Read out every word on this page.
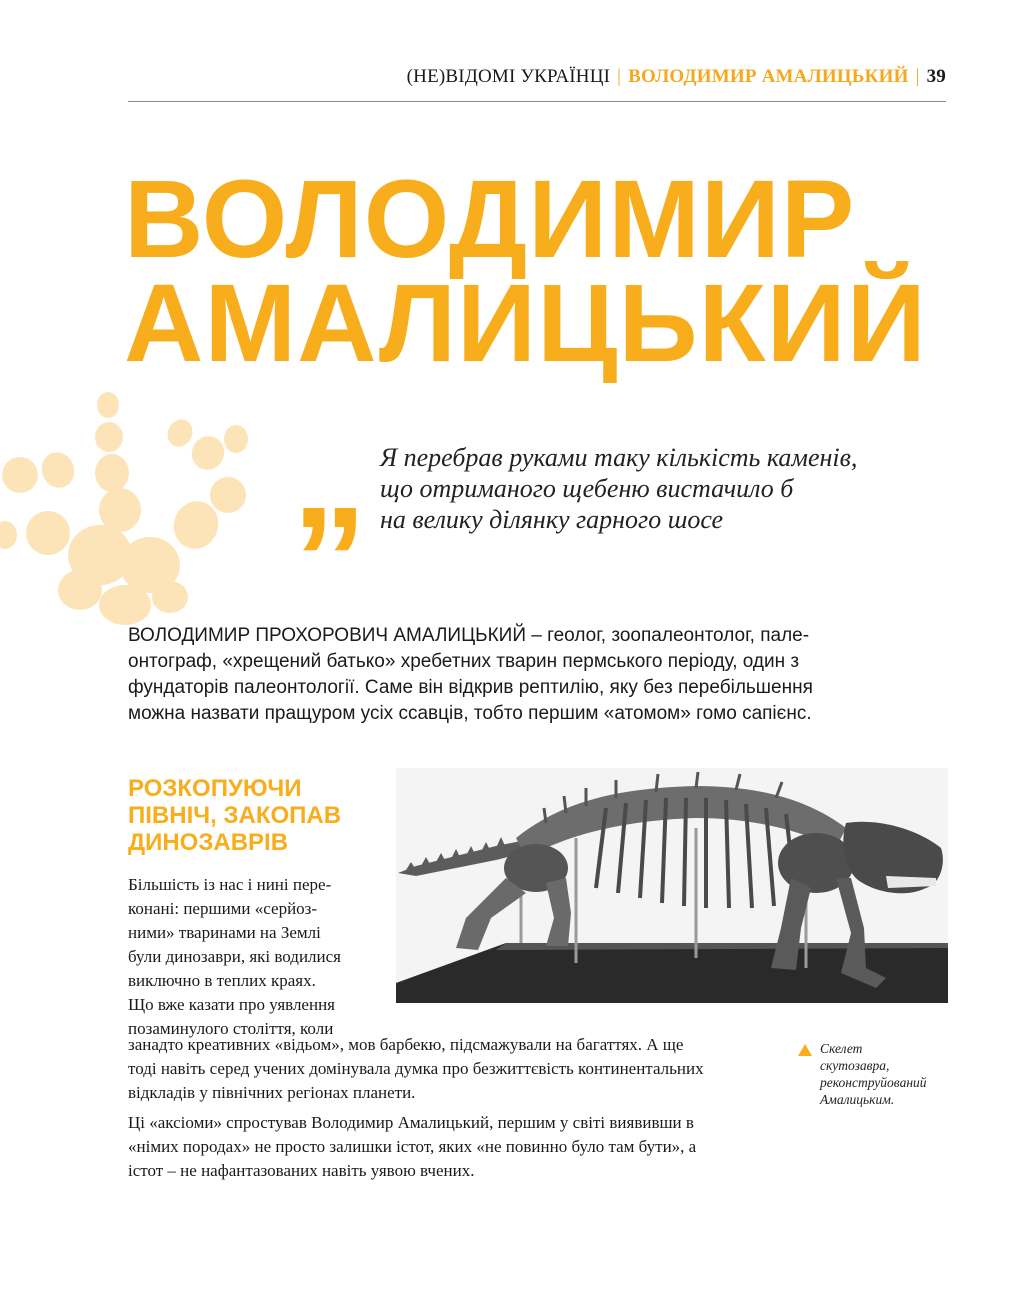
(НЕ)ВІДОМІ УКРАЇНЦІ | ВОЛОДИМИР АМАЛИЦЬКИЙ | 39
ВОЛОДИМИР
АМАЛИЦЬКИЙ
„ Я перебрав руками таку кількість каменів,
що отриманого щебеню вистачило б
на велику ділянку гарного шосе
ВОЛОДИМИР ПРОХОРОВИЧ АМАЛИЦЬКИЙ – геолог, зоопалеонтолог, пале-
онтограф, «хрещений батько» хребетних тварин пермського періоду, один з
фундаторів палеонтології. Саме він відкрив рептилію, яку без перебільшення
можна назвати пращуром усіх ссавців, тобто першим «атомом» гомо сапієнс.
РОЗКОПУЮЧИ
ПІВНІЧ, ЗАКОПАВ
ДИНОЗАВРІВ
Більшість із нас і нині пере-
конані: першими «серйоз-
ними» тваринами на Землі
були динозаври, які водилися
виключно в теплих краях.
Що вже казати про уявлення
позаминулого століття, коли
занадто креативних «відьом», мов барбекю, підсмажували на багаттях. А ще
тоді навіть серед учених домінувала думка про безжиттєвість континентальних
відкладів у північних регіонах планети.
Ці «аксіоми» спростував Володимир Амалицький, першим у світі виявивши в
«німих породах» не просто залишки істот, яких «не повинно було там бути», а
істот – не нафантазованих навіть уявою вчених.
Скелет
скутозавра,
реконструйований
Амалицьким.
